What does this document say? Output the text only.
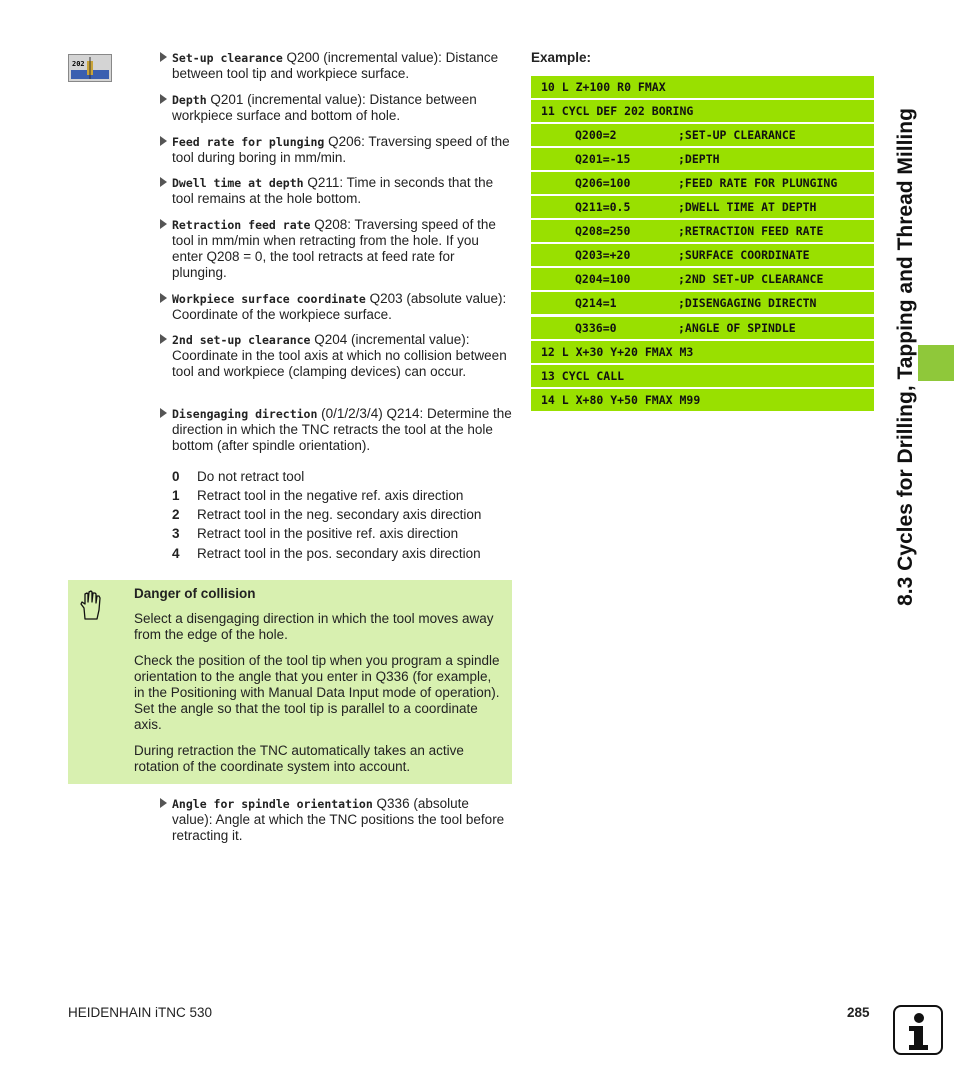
202	Set-up clearance Q200 (incremental value): Distance between tool tip and workpiece surface.
Depth Q201 (incremental value): Distance between workpiece surface and bottom of hole.
Feed rate for plunging Q206: Traversing speed of the tool during boring in mm/min.
Dwell time at depth Q211: Time in seconds that the tool remains at the hole bottom.
Retraction feed rate Q208: Traversing speed of the tool in mm/min when retracting from the hole. If you enter Q208 = 0, the tool retracts at feed rate for plunging.
Workpiece surface coordinate Q203 (absolute value): Coordinate of the workpiece surface.
2nd set-up clearance Q204 (incremental value): Coordinate in the tool axis at which no collision between tool and workpiece (clamping devices) can occur.
Disengaging direction (0/1/2/3/4) Q214: Determine the direction in which the TNC retracts the tool at the hole bottom (after spindle orientation).
0 Do not retract tool
1 Retract tool in the negative ref. axis direction
2 Retract tool in the neg. secondary axis direction
3 Retract tool in the positive ref. axis direction
4 Retract tool in the pos. secondary axis direction
Danger of collision

Select a disengaging direction in which the tool moves away from the edge of the hole.

Check the position of the tool tip when you program a spindle orientation to the angle that you enter in Q336 (for example, in the Positioning with Manual Data Input mode of operation). Set the angle so that the tool tip is parallel to a coordinate axis.

During retraction the TNC automatically takes an active rotation of the coordinate system into account.

Angle for spindle orientation Q336 (absolute value): Angle at which the TNC positions the tool before retracting it.
Example:
10 L Z+100 R0 FMAX
11 CYCL DEF 202 BORING
Q200=2	;SET-UP CLEARANCE
Q201=-15	;DEPTH
Q206=100	;FEED RATE FOR PLUNGING
Q211=0.5	;DWELL TIME AT DEPTH
Q208=250	;RETRACTION FEED RATE
Q203=+20	;SURFACE COORDINATE
Q204=100	;2ND SET-UP CLEARANCE
Q214=1	;DISENGAGING DIRECTN
Q336=0	;ANGLE OF SPINDLE
12 L X+30 Y+20 FMAX M3
13 CYCL CALL
14 L X+80 Y+50 FMAX M99	8.3 Cycles for Drilling, Tapping and Thread Milling
HEIDENHAIN iTNC 530	285
